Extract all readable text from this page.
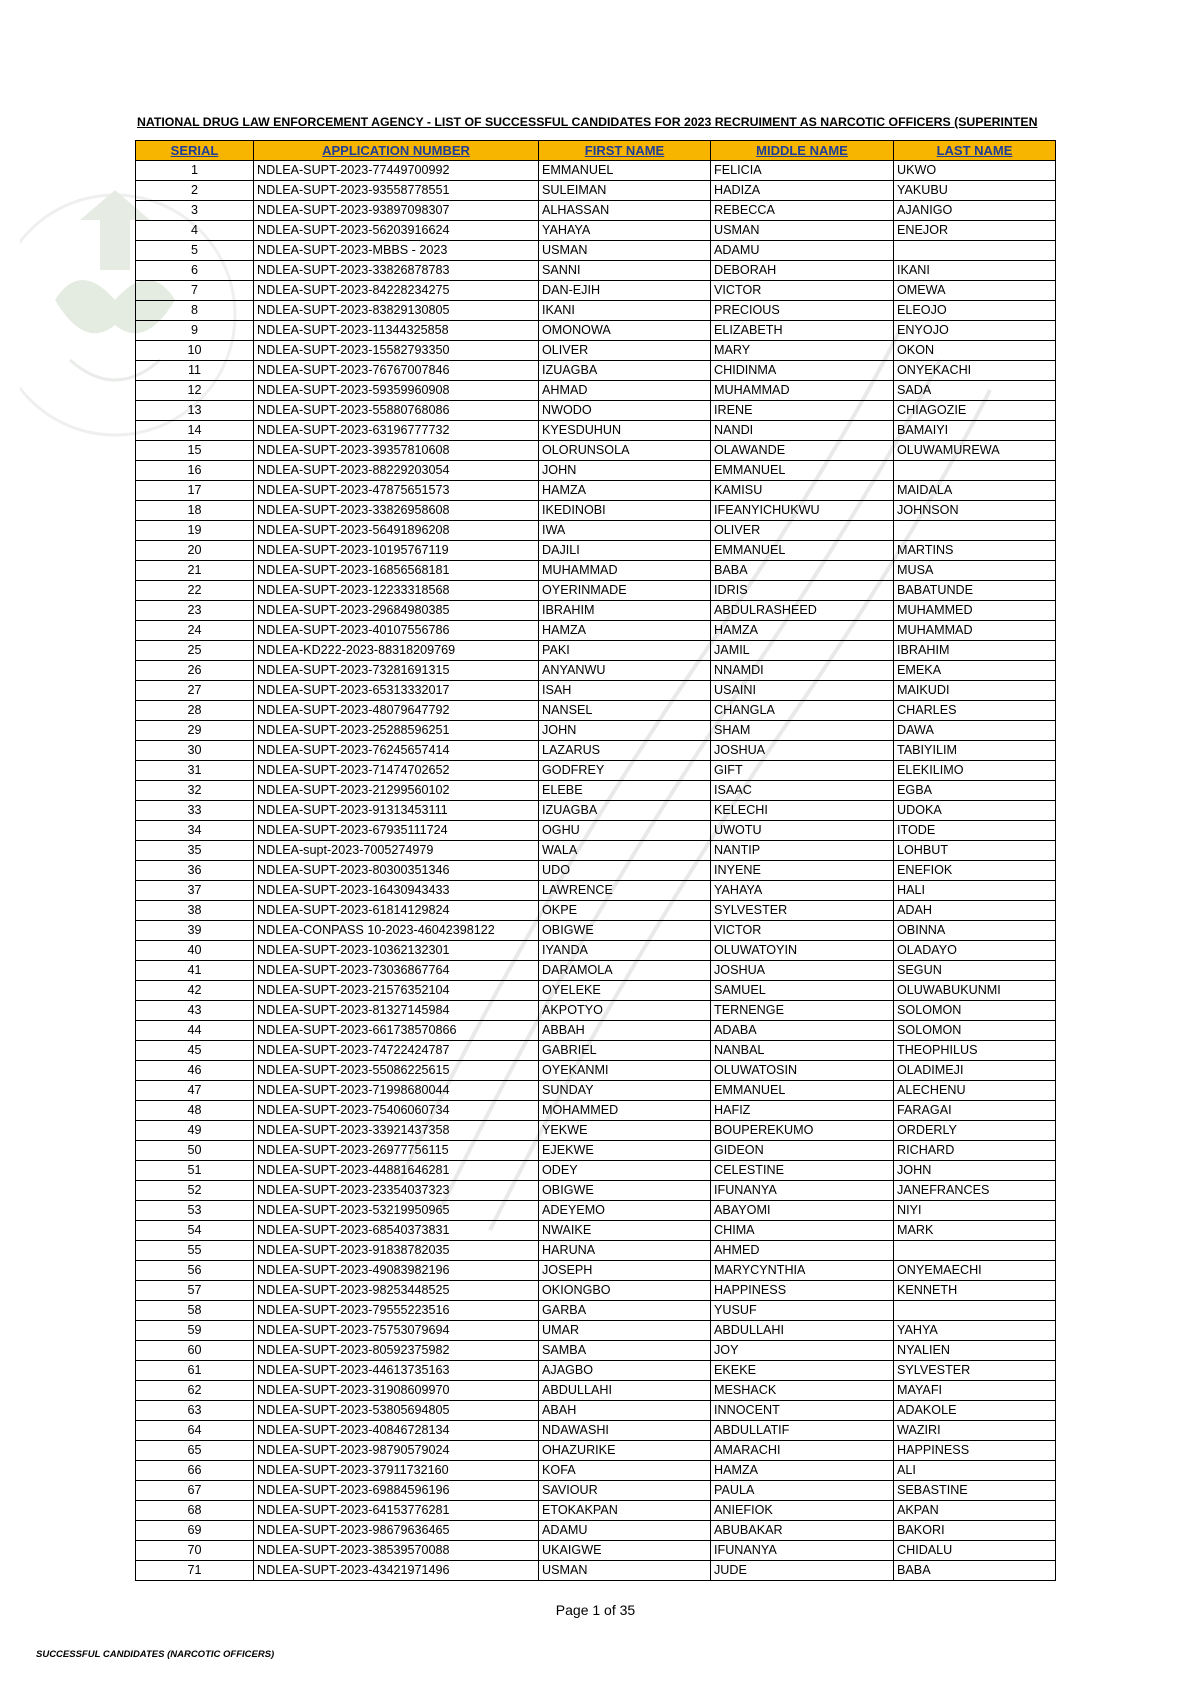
NATIONAL DRUG LAW ENFORCEMENT AGENCY - LIST OF SUCCESSFUL CANDIDATES FOR 2023 RECRUIMENT AS NARCOTIC OFFICERS (SUPERINTEN
SERIAL	APPLICATION NUMBER	FIRST NAME	MIDDLE NAME	LAST NAME
1	NDLEA-SUPT-2023-77449700992	EMMANUEL	FELICIA	UKWO
2	NDLEA-SUPT-2023-93558778551	SULEIMAN	HADIZA	YAKUBU
3	NDLEA-SUPT-2023-93897098307	ALHASSAN	REBECCA	AJANIGO
4	NDLEA-SUPT-2023-56203916624	YAHAYA	USMAN	ENEJOR
5	NDLEA-SUPT-2023-MBBS - 2023	USMAN	ADAMU	
6	NDLEA-SUPT-2023-33826878783	SANNI	DEBORAH	IKANI
7	NDLEA-SUPT-2023-84228234275	DAN-EJIH	VICTOR	OMEWA
8	NDLEA-SUPT-2023-83829130805	IKANI	PRECIOUS	ELEOJO
9	NDLEA-SUPT-2023-11344325858	OMONOWA	ELIZABETH	ENYOJO
10	NDLEA-SUPT-2023-15582793350	OLIVER	MARY	OKON
11	NDLEA-SUPT-2023-76767007846	IZUAGBA	CHIDINMA	ONYEKACHI
12	NDLEA-SUPT-2023-59359960908	AHMAD	MUHAMMAD	SADA
13	NDLEA-SUPT-2023-55880768086	NWODO	IRENE	CHIAGOZIE
14	NDLEA-SUPT-2023-63196777732	KYESDUHUN	NANDI	BAMAIYI
15	NDLEA-SUPT-2023-39357810608	OLORUNSOLA	OLAWANDE	OLUWAMUREWA
16	NDLEA-SUPT-2023-88229203054	JOHN	EMMANUEL	
17	NDLEA-SUPT-2023-47875651573	HAMZA	KAMISU	MAIDALA
18	NDLEA-SUPT-2023-33826958608	IKEDINOBI	IFEANYICHUKWU	JOHNSON
19	NDLEA-SUPT-2023-56491896208	IWA	OLIVER	
20	NDLEA-SUPT-2023-10195767119	DAJILI	EMMANUEL	MARTINS
21	NDLEA-SUPT-2023-16856568181	MUHAMMAD	BABA	MUSA
22	NDLEA-SUPT-2023-12233318568	OYERINMADE	IDRIS	BABATUNDE
23	NDLEA-SUPT-2023-29684980385	IBRAHIM	ABDULRASHEED	MUHAMMED
24	NDLEA-SUPT-2023-40107556786	HAMZA	HAMZA	MUHAMMAD
25	NDLEA-KD222-2023-88318209769	PAKI	JAMIL	IBRAHIM
26	NDLEA-SUPT-2023-73281691315	ANYANWU	NNAMDI	EMEKA
27	NDLEA-SUPT-2023-65313332017	ISAH	USAINI	MAIKUDI
28	NDLEA-SUPT-2023-48079647792	NANSEL	CHANGLA	CHARLES
29	NDLEA-SUPT-2023-25288596251	JOHN	SHAM	DAWA
30	NDLEA-SUPT-2023-76245657414	LAZARUS	JOSHUA	TABIYILIM
31	NDLEA-SUPT-2023-71474702652	GODFREY	GIFT	ELEKILIMO
32	NDLEA-SUPT-2023-21299560102	ELEBE	ISAAC	EGBA
33	NDLEA-SUPT-2023-91313453111	IZUAGBA	KELECHI	UDOKA
34	NDLEA-SUPT-2023-67935111724	OGHU	UWOTU	ITODE
35	NDLEA-supt-2023-7005274979	WALA	NANTIP	LOHBUT
36	NDLEA-SUPT-2023-80300351346	UDO	INYENE	ENEFIOK
37	NDLEA-SUPT-2023-16430943433	LAWRENCE	YAHAYA	HALI
38	NDLEA-SUPT-2023-61814129824	OKPE	SYLVESTER	ADAH
39	NDLEA-CONPASS 10-2023-46042398122	OBIGWE	VICTOR	OBINNA
40	NDLEA-SUPT-2023-10362132301	IYANDA	OLUWATOYIN	OLADAYO
41	NDLEA-SUPT-2023-73036867764	DARAMOLA	JOSHUA	SEGUN
42	NDLEA-SUPT-2023-21576352104	OYELEKE	SAMUEL	OLUWABUKUNMI
43	NDLEA-SUPT-2023-81327145984	AKPOTYO	TERNENGE	SOLOMON
44	NDLEA-SUPT-2023-661738570866	ABBAH	ADABA	SOLOMON
45	NDLEA-SUPT-2023-74722424787	GABRIEL	NANBAL	THEOPHILUS
46	NDLEA-SUPT-2023-55086225615	OYEKANMI	OLUWATOSIN	OLADIMEJI
47	NDLEA-SUPT-2023-71998680044	SUNDAY	EMMANUEL	ALECHENU
48	NDLEA-SUPT-2023-75406060734	MOHAMMED	HAFIZ	FARAGAI
49	NDLEA-SUPT-2023-33921437358	YEKWE	BOUPEREKUMO	ORDERLY
50	NDLEA-SUPT-2023-26977756115	EJEKWE	GIDEON	RICHARD
51	NDLEA-SUPT-2023-44881646281	ODEY	CELESTINE	JOHN
52	NDLEA-SUPT-2023-23354037323	OBIGWE	IFUNANYA	JANEFRANCES
53	NDLEA-SUPT-2023-53219950965	ADEYEMO	ABAYOMI	NIYI
54	NDLEA-SUPT-2023-68540373831	NWAIKE	CHIMA	MARK
55	NDLEA-SUPT-2023-91838782035	HARUNA	AHMED	
56	NDLEA-SUPT-2023-49083982196	JOSEPH	MARYCYNTHIA	ONYEMAECHI
57	NDLEA-SUPT-2023-98253448525	OKIONGBO	HAPPINESS	KENNETH
58	NDLEA-SUPT-2023-79555223516	GARBA	YUSUF	
59	NDLEA-SUPT-2023-75753079694	UMAR	ABDULLAHI	YAHYA
60	NDLEA-SUPT-2023-80592375982	SAMBA	JOY	NYALIEN
61	NDLEA-SUPT-2023-44613735163	AJAGBO	EKEKE	SYLVESTER
62	NDLEA-SUPT-2023-31908609970	ABDULLAHI	MESHACK	MAYAFI
63	NDLEA-SUPT-2023-53805694805	ABAH	INNOCENT	ADAKOLE
64	NDLEA-SUPT-2023-40846728134	NDAWASHI	ABDULLATIF	WAZIRI
65	NDLEA-SUPT-2023-98790579024	OHAZURIKE	AMARACHI	HAPPINESS
66	NDLEA-SUPT-2023-37911732160	KOFA	HAMZA	ALI
67	NDLEA-SUPT-2023-69884596196	SAVIOUR	PAULA	SEBASTINE
68	NDLEA-SUPT-2023-64153776281	ETOKAKPAN	ANIEFIOK	AKPAN
69	NDLEA-SUPT-2023-98679636465	ADAMU	ABUBAKAR	BAKORI
70	NDLEA-SUPT-2023-38539570088	UKAIGWE	IFUNANYA	CHIDALU
71	NDLEA-SUPT-2023-43421971496	USMAN	JUDE	BABA
Page 1 of 35
SUCCESSFUL CANDIDATES (NARCOTIC OFFICERS)
